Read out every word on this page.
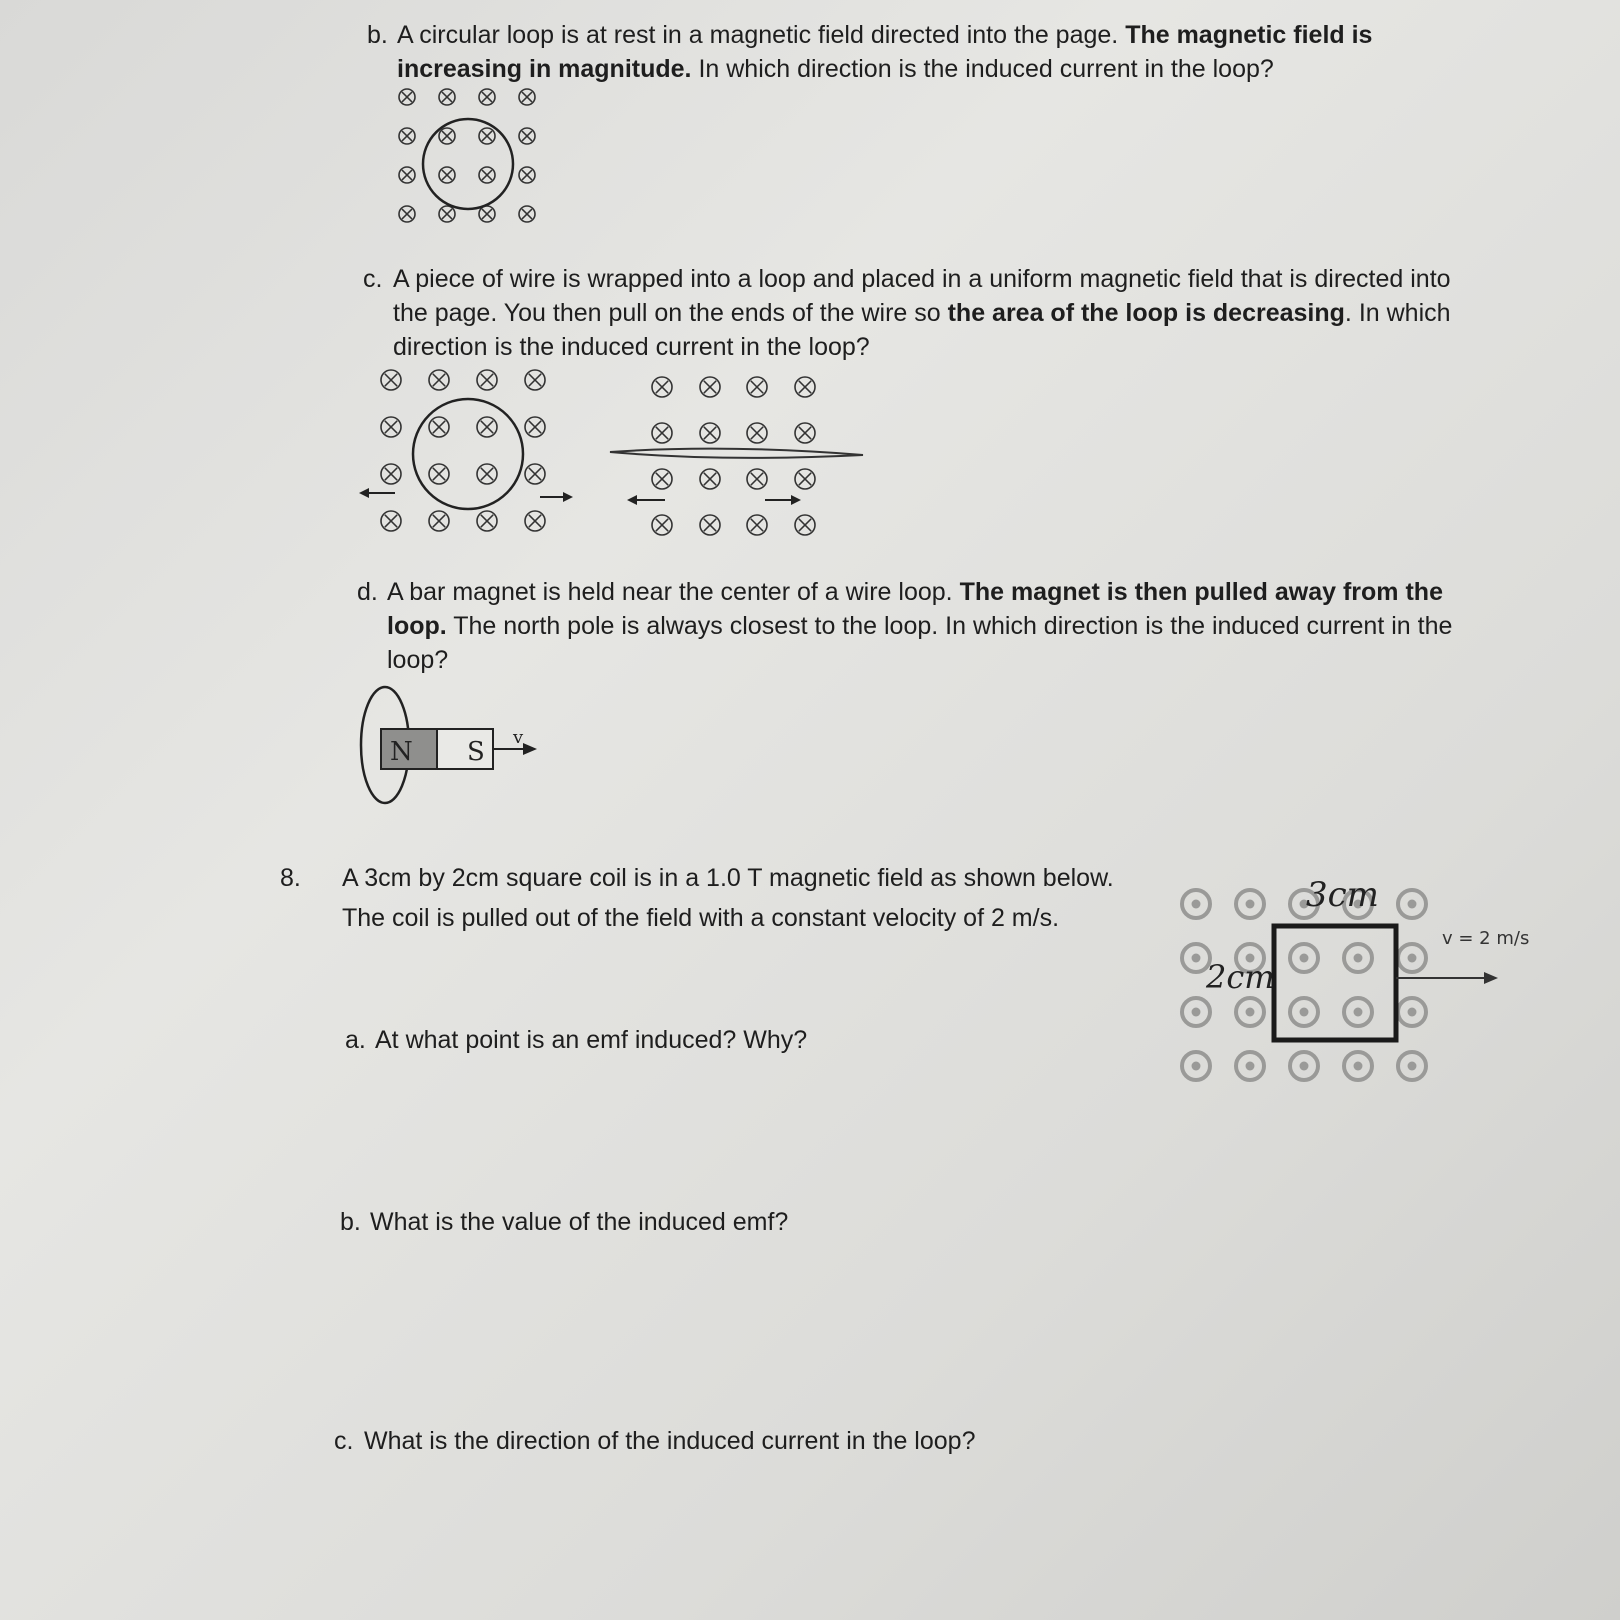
b. A circular loop is at rest in a magnetic field directed into the page. The magnetic field is increasing in magnitude. In which direction is the induced current in the loop?
c. A piece of wire is wrapped into a loop and placed in a uniform magnetic field that is directed into the page. You then pull on the ends of the wire so the area of the loop is decreasing. In which direction is the induced current in the loop?
d. A bar magnet is held near the center of a wire loop. The magnet is then pulled away from the loop. The north pole is always closest to the loop. In which direction is the induced current in the loop?
N S v
8. A 3cm by 2cm square coil is in a 1.0 T magnetic field as shown below. The coil is pulled out of the field with a constant velocity of 2 m/s.
a. At what point is an emf induced? Why?
b. What is the value of the induced emf?
c. What is the direction of the induced current in the loop?
3cm
2cm
v = 2 m/s
